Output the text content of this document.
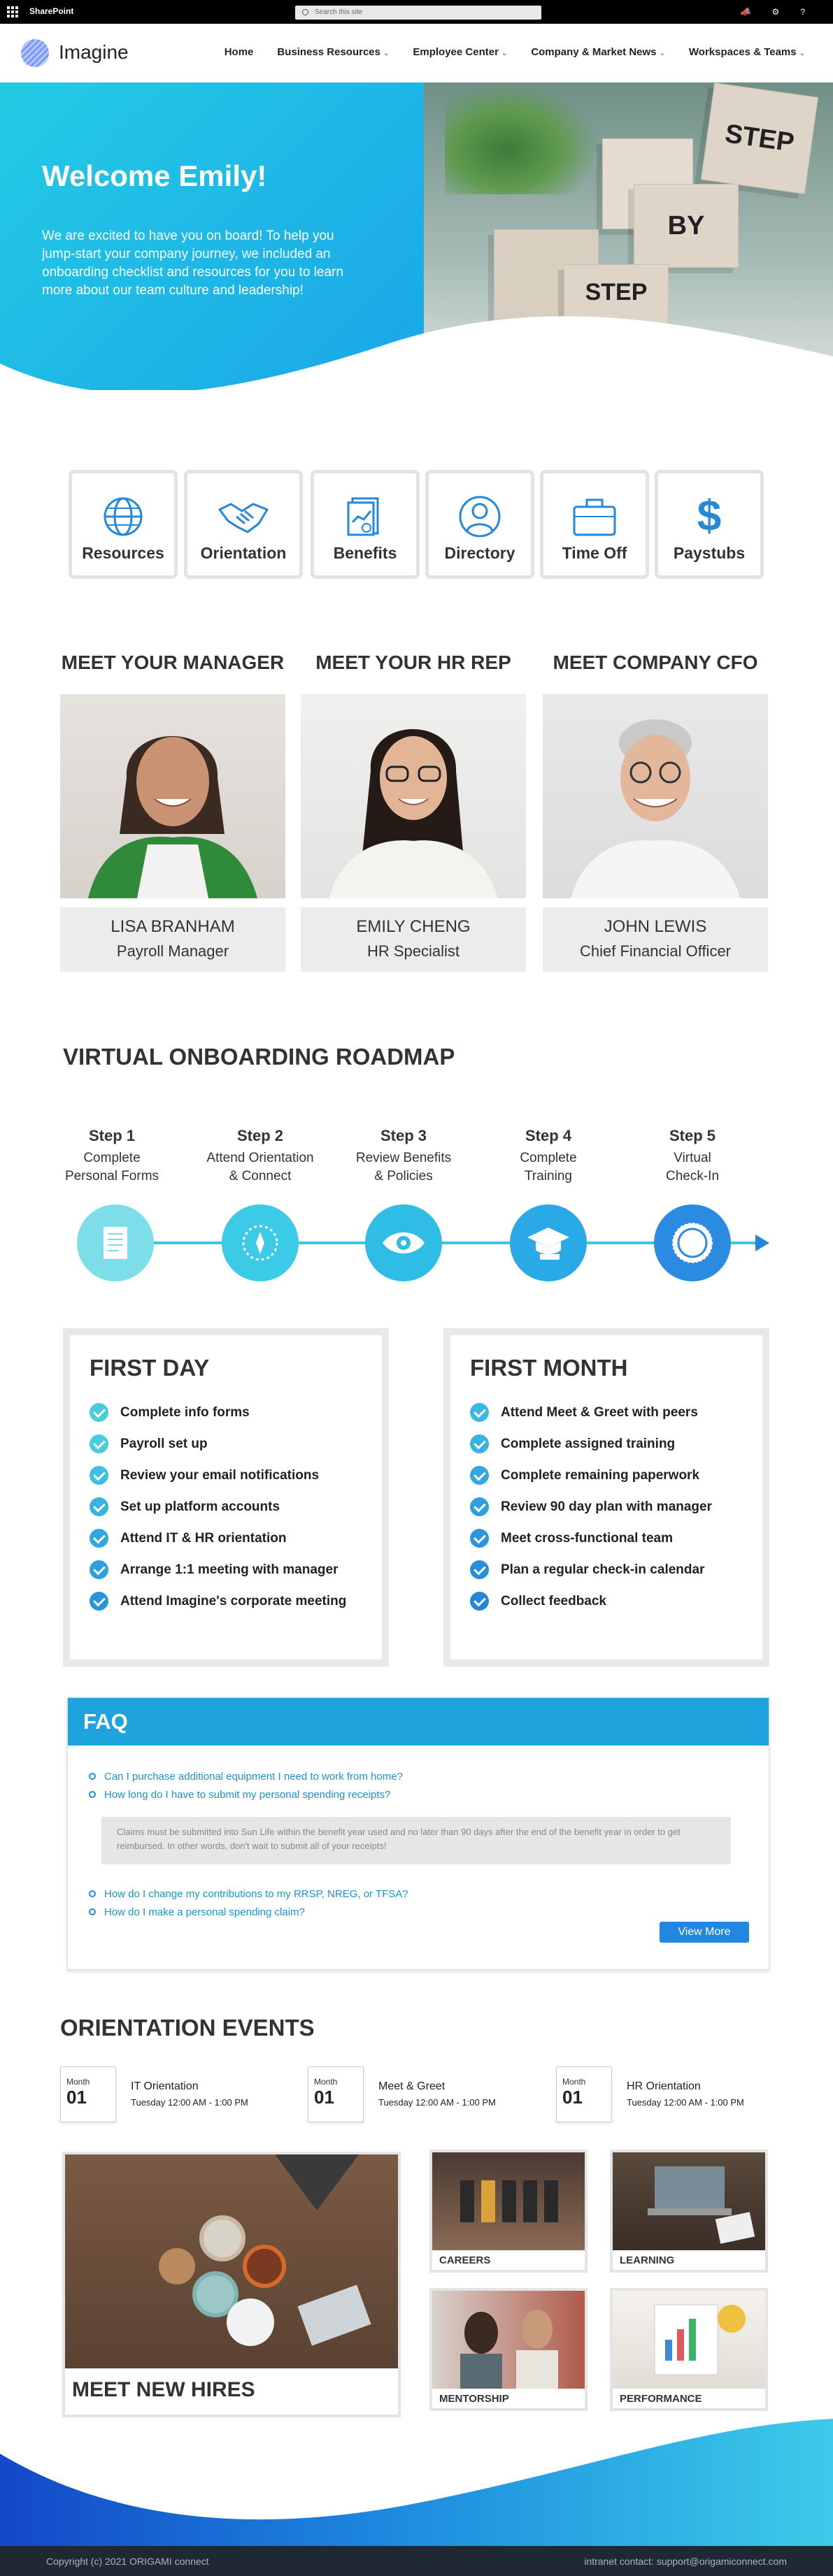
SharePoint	Search this site	📣	⚙	?
Imagine	Home Business Resources ⌄ Employee Center ⌄ Company & Market News ⌄ Workspaces & Teams ⌄
STEP
BY
STEP
Welcome Emily!
We are excited to have you on board! To help you jump-start your company journey, we included an onboarding checklist and resources for you to learn more about our team culture and leadership!
Resources	Orientation	Benefits	Directory	Time Off
$
Paystubs
MEET YOUR MANAGER	MEET YOUR HR REP	MEET COMPANY CFO
LISA BRANHAM
Payroll Manager
EMILY CHENG
HR Specialist
JOHN LEWIS
Chief Financial Officer
VIRTUAL ONBOARDING ROADMAP
Step 1
Complete
Personal Forms
Step 2
Attend Orientation
& Connect
Step 3
Review Benefits
& Policies
Step 4
Complete
Training
Step 5
Virtual
Check-In
FIRST DAY
Complete info forms
Payroll set up
Review your email notifications
Set up platform accounts
Attend IT & HR orientation
Arrange 1:1 meeting with manager
Attend Imagine's corporate meeting
FIRST MONTH
Attend Meet & Greet with peers
Complete assigned training
Complete remaining paperwork
Review 90 day plan with manager
Meet cross-functional team
Plan a regular check-in calendar
Collect feedback
FAQ
Can I purchase additional equipment I need to work from home?
How long do I have to submit my personal spending receipts?
Claims must be submitted into Sun Life within the benefit year used and no later than 90 days after the end of the benefit year in order to get reimbursed. In other words, don't wait to submit all of your receipts!
How do I change my contributions to my RRSP, NREG, or TFSA?
How do I make a personal spending claim?
View More
ORIENTATION EVENTS
Month
01
IT Orientation
Tuesday 12:00 AM - 1:00 PM
Month
01
Meet & Greet
Tuesday 12:00 AM - 1:00 PM
Month
01
HR Orientation
Tuesday 12:00 AM - 1:00 PM
MEET NEW HIRES
CAREERS	LEARNING
MENTORSHIP	PERFORMANCE
Copyright (c) 2021 ORIGAMI connect	intranet contact: support@origamiconnect.com
